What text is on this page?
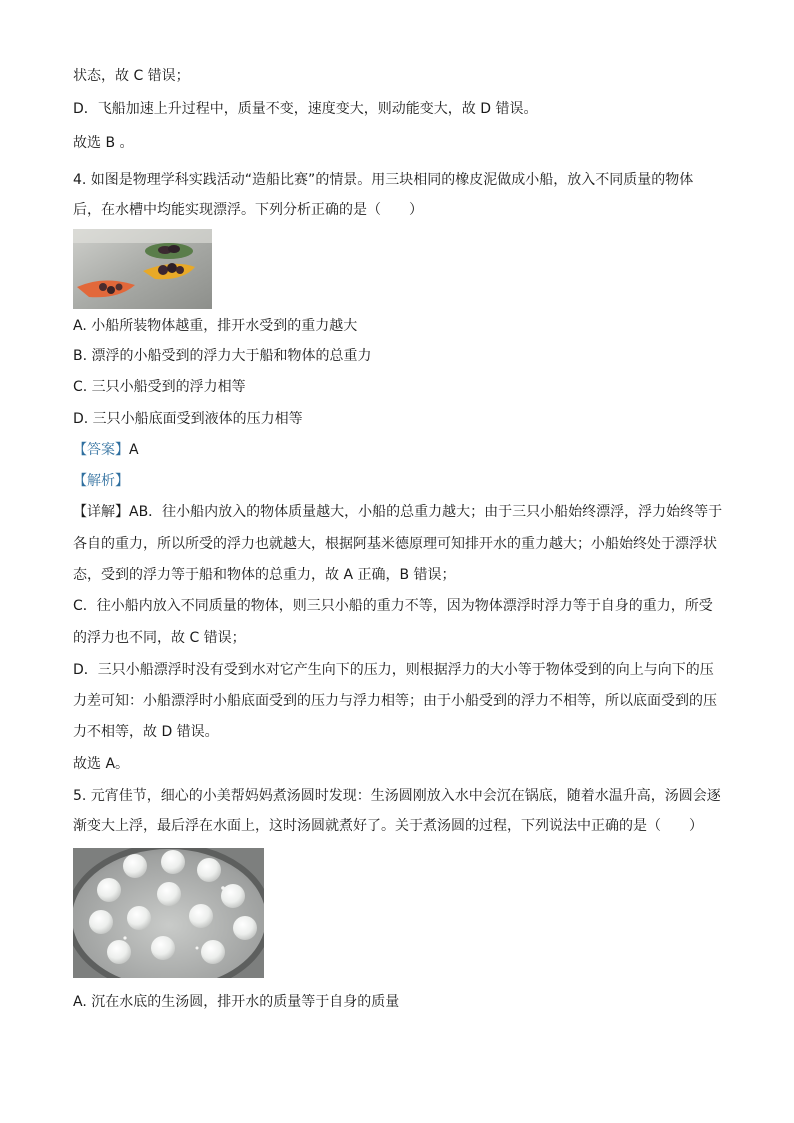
状态，故 C 错误；
D．飞船加速上升过程中，质量不变，速度变大，则动能变大，故 D 错误。
故选 B 。
4. 如图是物理学科实践活动“造船比赛”的情景。用三块相同的橡皮泥做成小船，放入不同质量的物体
后，在水槽中均能实现漂浮。下列分析正确的是（　　）
A. 小船所装物体越重，排开水受到的重力越大
B. 漂浮的小船受到的浮力大于船和物体的总重力
C. 三只小船受到的浮力相等
D. 三只小船底面受到液体的压力相等
【答案】A
【解析】
【详解】AB．往小船内放入的物体质量越大，小船的总重力越大；由于三只小船始终漂浮，浮力始终等于
各自的重力，所以所受的浮力也就越大，根据阿基米德原理可知排开水的重力越大；小船始终处于漂浮状
态，受到的浮力等于船和物体的总重力，故 A 正确，B 错误；
C．往小船内放入不同质量的物体，则三只小船的重力不等，因为物体漂浮时浮力等于自身的重力，所受
的浮力也不同，故 C 错误；
D．三只小船漂浮时没有受到水对它产生向下的压力，则根据浮力的大小等于物体受到的向上与向下的压
力差可知：小船漂浮时小船底面受到的压力与浮力相等；由于小船受到的浮力不相等，所以底面受到的压
力不相等，故 D 错误。
故选 A。
5. 元宵佳节，细心的小美帮妈妈煮汤圆时发现：生汤圆刚放入水中会沉在锅底，随着水温升高，汤圆会逐
渐变大上浮，最后浮在水面上，这时汤圆就煮好了。关于煮汤圆的过程，下列说法中正确的是（　　）
A. 沉在水底的生汤圆，排开水的质量等于自身的质量
